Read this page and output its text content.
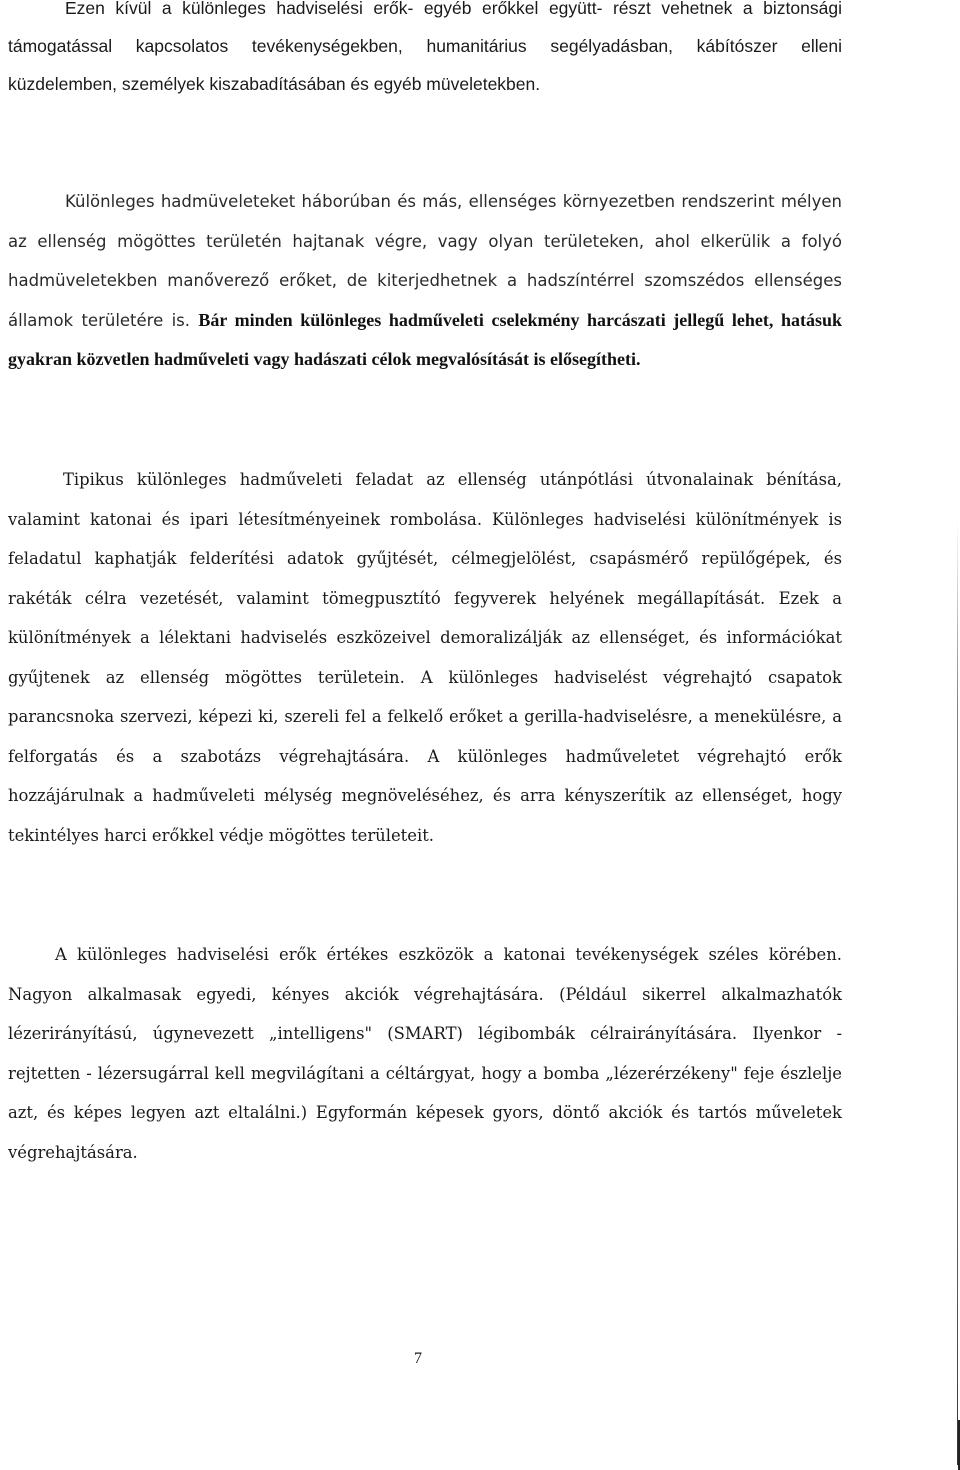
Ezen kívül a különleges hadviselési erők- egyéb erőkkel együtt- részt vehetnek a biztonsági támogatással kapcsolatos tevékenységekben, humanitárius segélyadásban, kábítószer elleni küzdelemben, személyek kiszabadításában és egyéb müveletekben.

Különleges hadmüveleteket háborúban és más, ellenséges környezetben rendszerint mélyen az ellenség mögöttes területén hajtanak végre, vagy olyan területeken, ahol elkerülik a folyó hadmüveletekben manőverező erőket, de kiterjedhetnek a hadszíntérrel szomszédos ellenséges államok területére is. Bár minden különleges hadműveleti cselekmény harcászati jellegű lehet, hatásuk gyakran közvetlen hadműveleti vagy hadászati célok megvalósítását is elősegítheti.

Tipikus különleges hadműveleti feladat az ellenség utánpótlási útvonalainak bénítása, valamint katonai és ipari létesítményeinek rombolása. Különleges hadviselési különítmények is feladatul kaphatják felderítési adatok gyűjtését, célmegjelölést, csapásmérő repülőgépek, és rakéták célra vezetését, valamint tömegpusztító fegyverek helyének megállapítását. Ezek a különítmények a lélektani hadviselés eszközeivel demoralizálják az ellenséget, és információkat gyűjtenek az ellenség mögöttes területein. A különleges hadviselést végrehajtó csapatok parancsnoka szervezi, képezi ki, szereli fel a felkelő erőket a gerilla-hadviselésre, a menekülésre, a felforgatás és a szabotázs végrehajtására. A különleges hadműveletet végrehajtó erők hozzájárulnak a hadműveleti mélység megnöveléséhez, és arra kényszerítik az ellenséget, hogy tekintélyes harci erőkkel védje mögöttes területeit.

A különleges hadviselési erők értékes eszközök a katonai tevékenységek széles körében. Nagyon alkalmasak egyedi, kényes akciók végrehajtására. (Például sikerrel alkalmazhatók lézerirányítású, úgynevezett „intelligens" (SMART) légibombák célrairányítására. Ilyenkor - rejtetten - lézersugárral kell megvilágítani a céltárgyat, hogy a bomba „lézerérzékeny" feje észlelje azt, és képes legyen azt eltalálni.) Egyformán képesek gyors, döntő akciók és tartós műveletek végrehajtására.

7
